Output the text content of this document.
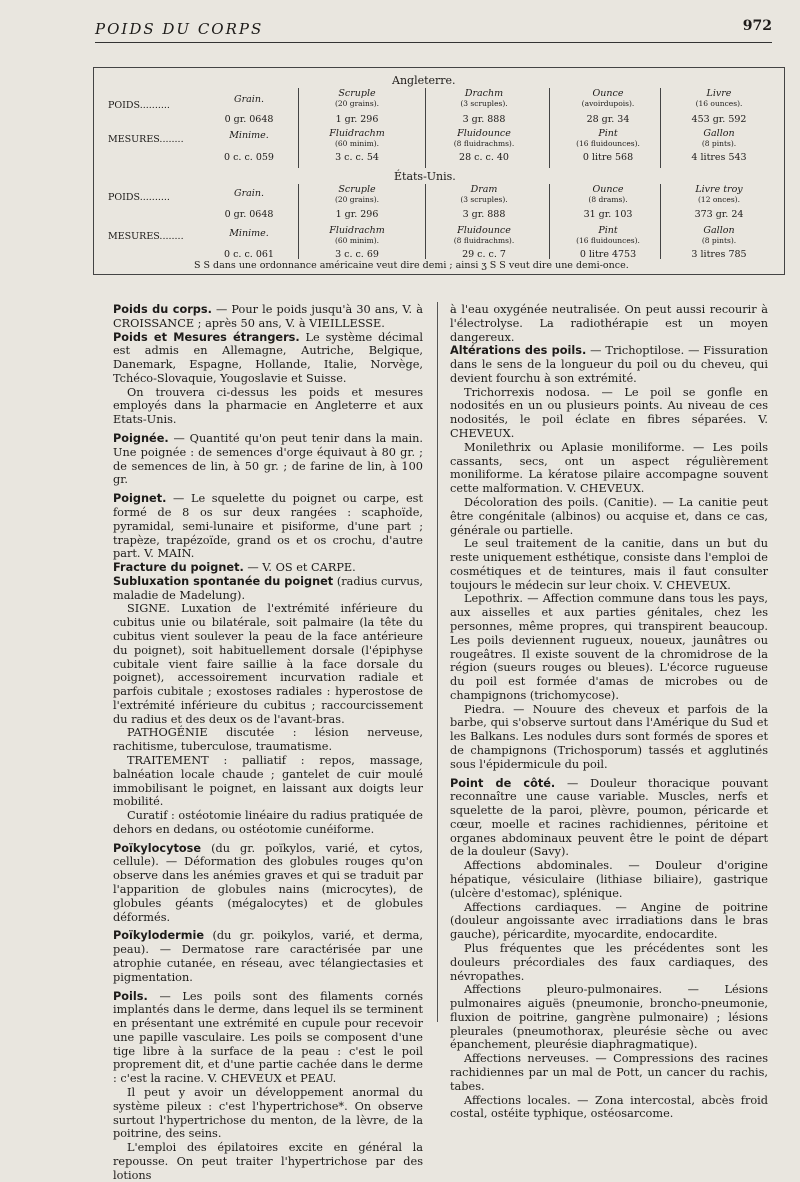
POIDS DU CORPS	972
Angleterre.
POIDS..........
MESURES........
Grain.
0 gr. 0648
Scruple
(20 grains).
1 gr. 296
Drachm
(3 scruples).
3 gr. 888
Ounce
(avoirdupois).
28 gr. 34
Livre
(16 ounces).
453 gr. 592
Minime.
0 c. c. 059
Fluidrachm
(60 minim).
3 c. c. 54
Fluidounce
(8 fluidrachms).
28 c. c. 40
Pint
(16 fluidounces).
0 litre 568
Gallon
(8 pints).
4 litres 543
États-Unis.
POIDS..........
MESURES........
Grain.
0 gr. 0648
Scruple
(20 grains).
1 gr. 296
Dram
(3 scruples).
3 gr. 888
Ounce
(8 drams).
31 gr. 103
Livre troy
(12 onces).
373 gr. 24
Minime.
0 c. c. 061
Fluidrachm
(60 minim).
3 c. c. 69
Fluidounce
(8 fluidrachms).
29 c. c. 7
Pint
(16 fluidounces).
0 litre 4753
Gallon
(8 pints).
3 litres 785
S S dans une ordonnance américaine veut dire demi ; ainsi ʒ S S veut dire une demi-once.

Poids du corps. — Pour le poids jusqu'à 30 ans, V. à CROISSANCE ; après 50 ans, V. à VIEILLESSE.

Poids et Mesures étrangers. Le système décimal est admis en Allemagne, Autriche, Belgique, Danemark, Espagne, Hollande, Italie, Norvège, Tchéco-Slovaquie, Yougoslavie et Suisse.

On trouvera ci-dessus les poids et mesures employés dans la pharmacie en Angleterre et aux Etats-Unis.

Poignée. — Quantité qu'on peut tenir dans la main. Une poignée : de semences d'orge équivaut à 80 gr. ; de semences de lin, à 50 gr. ; de farine de lin, à 100 gr.

Poignet. — Le squelette du poignet ou carpe, est formé de 8 os sur deux rangées : scaphoïde, pyramidal, semi-lunaire et pisiforme, d'une part ; trapèze, trapézoïde, grand os et os crochu, d'autre part. V. MAIN.

Fracture du poignet. — V. OS et CARPE.

Subluxation spontanée du poignet (radius curvus, maladie de Madelung).

SIGNE. Luxation de l'extrémité inférieure du cubitus unie ou bilatérale, soit palmaire (la tête du cubitus vient soulever la peau de la face antérieure du poignet), soit habituellement dorsale (l'épiphyse cubitale vient faire saillie à la face dorsale du poignet), accessoirement incurvation radiale et parfois cubitale ; exostoses radiales : hyperostose de l'extrémité inférieure du cubitus ; raccourcissement du radius et des deux os de l'avant-bras.

PATHOGÉNIE discutée : lésion nerveuse, rachitisme, tuberculose, traumatisme.

TRAITEMENT : palliatif : repos, massage, balnéation locale chaude ; gantelet de cuir moulé immobilisant le poignet, en laissant aux doigts leur mobilité.

Curatif : ostéotomie linéaire du radius pratiquée de dehors en dedans, ou ostéotomie cunéiforme.

Poïkylocytose (du gr. poïkylos, varié, et cytos, cellule). — Déformation des globules rouges qu'on observe dans les anémies graves et qui se traduit par l'apparition de globules nains (microcytes), de globules géants (mégalocytes) et de globules déformés.

Poïkylodermie (du gr. poikylos, varié, et derma, peau). — Dermatose rare caractérisée par une atrophie cutanée, en réseau, avec télangiectasies et pigmentation.

Poils. — Les poils sont des filaments cornés implantés dans le derme, dans lequel ils se terminent en présentant une extrémité en cupule pour recevoir une papille vasculaire. Les poils se composent d'une tige libre à la surface de la peau : c'est le poil proprement dit, et d'une partie cachée dans le derme : c'est la racine. V. CHEVEUX et PEAU.

Il peut y avoir un développement anormal du système pileux : c'est l'hypertrichose*. On observe surtout l'hypertrichose du menton, de la lèvre, de la poitrine, des seins.

L'emploi des épilatoires excite en général la repousse. On peut traiter l'hypertrichose par des lotions

à l'eau oxygénée neutralisée. On peut aussi recourir à l'électrolyse. La radiothérapie est un moyen dangereux.

Altérations des poils. — Trichoptilose. — Fissuration dans le sens de la longueur du poil ou du cheveu, qui devient fourchu à son extrémité.

Trichorrexis nodosa. — Le poil se gonfle en nodosités en un ou plusieurs points. Au niveau de ces nodosités, le poil éclate en fibres séparées. V. CHEVEUX.

Monilethrix ou Aplasie moniliforme. — Les poils cassants, secs, ont un aspect régulièrement moniliforme. La kératose pilaire accompagne souvent cette malformation. V. CHEVEUX.

Décoloration des poils. (Canitie). — La canitie peut être congénitale (albinos) ou acquise et, dans ce cas, générale ou partielle.

Le seul traitement de la canitie, dans un but du reste uniquement esthétique, consiste dans l'emploi de cosmétiques et de teintures, mais il faut consulter toujours le médecin sur leur choix. V. CHEVEUX.

Lepothrix. — Affection commune dans tous les pays, aux aisselles et aux parties génitales, chez les personnes, même propres, qui transpirent beaucoup. Les poils deviennent rugueux, noueux, jaunâtres ou rougeâtres. Il existe souvent de la chromidrose de la région (sueurs rouges ou bleues). L'écorce rugueuse du poil est formée d'amas de microbes ou de champignons (trichomycose).

Piedra. — Nouure des cheveux et parfois de la barbe, qui s'observe surtout dans l'Amérique du Sud et les Balkans. Les nodules durs sont formés de spores et de champignons (Trichosporum) tassés et agglutinés sous l'épidermicule du poil.

Point de côté. — Douleur thoracique pouvant reconnaître une cause variable. Muscles, nerfs et squelette de la paroi, plèvre, poumon, péricarde et cœur, moelle et racines rachidiennes, péritoine et organes abdominaux peuvent être le point de départ de la douleur (Savy).

Affections abdominales. — Douleur d'origine hépatique, vésiculaire (lithiase biliaire), gastrique (ulcère d'estomac), splénique.

Affections cardiaques. — Angine de poitrine (douleur angoissante avec irradiations dans le bras gauche), péricardite, myocardite, endocardite.

Plus fréquentes que les précédentes sont les douleurs précordiales des faux cardiaques, des névropathes.

Affections pleuro-pulmonaires. — Lésions pulmonaires aiguës (pneumonie, broncho-pneumonie, fluxion de poitrine, gangrène pulmonaire) ; lésions pleurales (pneumothorax, pleurésie sèche ou avec épanchement, pleurésie diaphragmatique).

Affections nerveuses. — Compressions des racines rachidiennes par un mal de Pott, un cancer du rachis, tabes.

Affections locales. — Zona intercostal, abcès froid costal, ostéite typhique, ostéosarcome.
